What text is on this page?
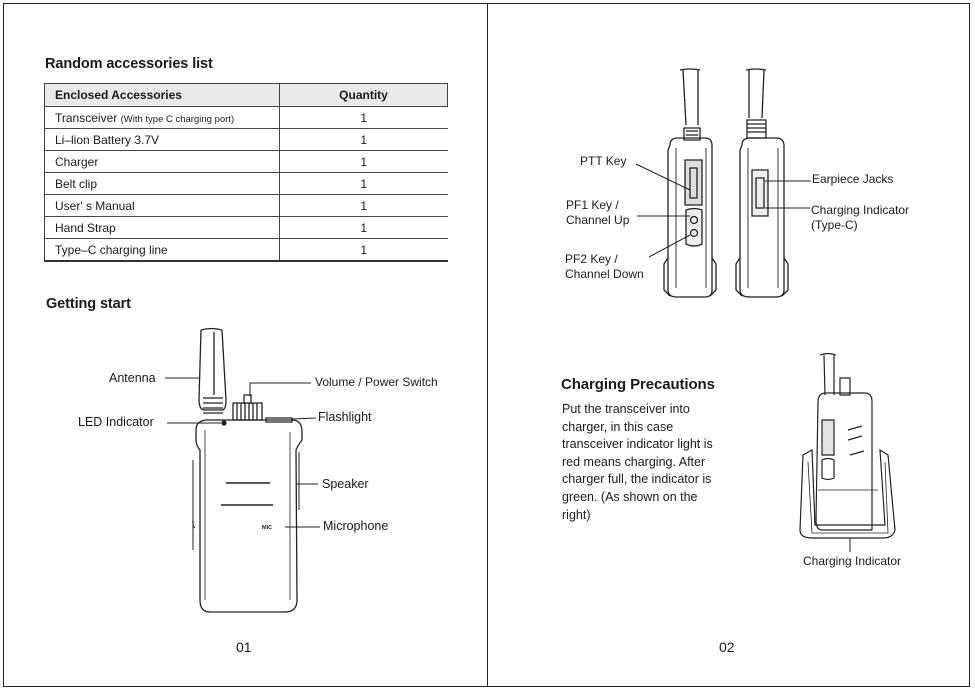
Random accessories list
Enclosed Accessories	Quantity
Transceiver (With type C charging port)	1
Li–lion Battery 3.7V	1
Charger	1
Belt clip	1
User' s Manual	1
Hand Strap	1
Type–C charging line	1
Getting start
MIC
Antenna
LED Indicator
Volume / Power Switch
Flashlight
Speaker
Microphone
01
PTT Key
PF1 Key /
Channel Up
PF2 Key /
Channel Down
Earpiece Jacks
Charging Indicator
(Type-C)
Charging Precautions
Put the transceiver into charger, in this case transceiver indicator light is red means charging. After charger full, the indicator is green. (As shown on the right)
Charging Indicator
02
